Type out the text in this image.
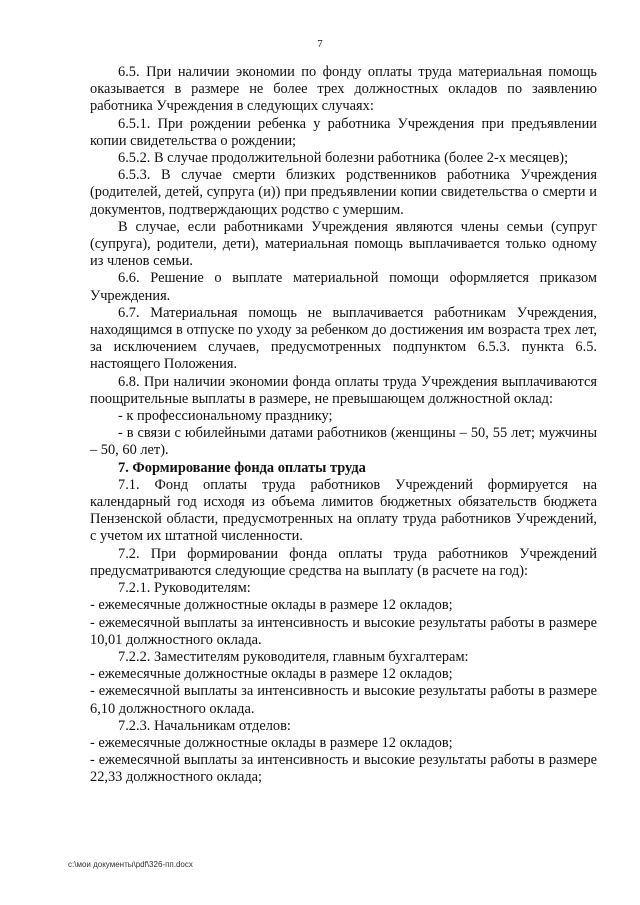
7

6.5. При наличии экономии по фонду оплаты труда материальная помощь оказывается в размере не более трех должностных окладов по заявлению работника Учреждения в следующих случаях:

6.5.1. При рождении ребенка у работника Учреждения при предъявлении копии свидетельства о рождении;

6.5.2. В случае продолжительной болезни работника (более 2-х месяцев);

6.5.3. В случае смерти близких родственников работника Учреждения (родителей, детей, супруга (и)) при предъявлении копии свидетельства о смерти и документов, подтверждающих родство с умершим.

В случае, если работниками Учреждения являются члены семьи (супруг (супруга), родители, дети), материальная помощь выплачивается только одному из членов семьи.

6.6. Решение о выплате материальной помощи оформляется приказом Учреждения.

6.7. Материальная помощь не выплачивается работникам Учреждения, находящимся в отпуске по уходу за ребенком до достижения им возраста трех лет, за исключением случаев, предусмотренных подпунктом 6.5.3. пункта 6.5. настоящего Положения.

6.8. При наличии экономии фонда оплаты труда Учреждения выплачиваются поощрительные выплаты в размере, не превышающем должностной оклад:

- к профессиональному празднику;

- в связи с юбилейными датами работников (женщины – 50, 55 лет; мужчины – 50, 60 лет).

7. Формирование фонда оплаты труда

7.1. Фонд оплаты труда работников Учреждений формируется на календарный год исходя из объема лимитов бюджетных обязательств бюджета Пензенской области, предусмотренных на оплату труда работников Учреждений, с учетом их штатной численности.

7.2. При формировании фонда оплаты труда работников Учреждений предусматриваются следующие средства на выплату (в расчете на год):

7.2.1. Руководителям:

- ежемесячные должностные оклады в размере 12 окладов;

- ежемесячной выплаты за интенсивность и высокие результаты работы в размере 10,01 должностного оклада.

7.2.2. Заместителям руководителя, главным бухгалтерам:

- ежемесячные должностные оклады в размере 12 окладов;

- ежемесячной выплаты за интенсивность и высокие результаты работы в размере 6,10 должностного оклада.

7.2.3. Начальникам отделов:

- ежемесячные должностные оклады в размере 12 окладов;

- ежемесячной выплаты за интенсивность и высокие результаты работы в размере 22,33 должностного оклада;

c:\мои документы\pdf\326-пп.docx
